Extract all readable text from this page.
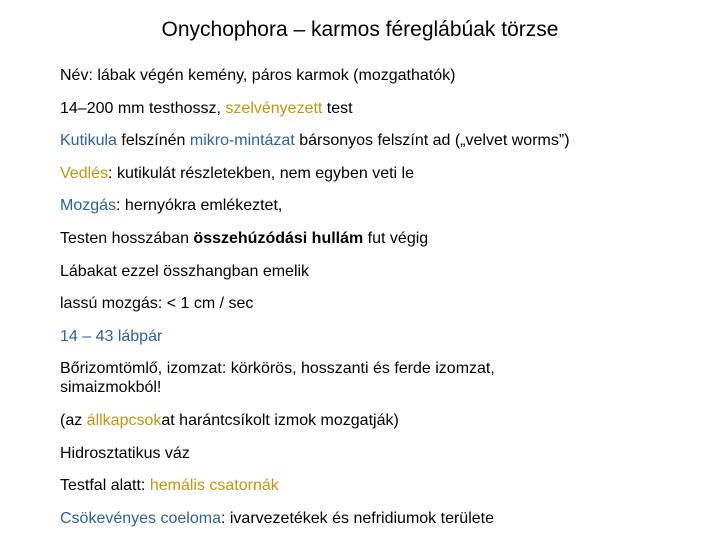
Onychophora – karmos féreglábúak törzse
Név: lábak végén kemény, páros karmok (mozgathatók)
14–200 mm testhossz, szelvényezett test
Kutikula felszínén mikro-mintázat bársonyos felszínt ad („velvet worms”)
Vedlés: kutikulát részletekben, nem egyben veti le
Mozgás: hernyókra emlékeztet,
Testen hosszában összehúzódási hullám fut végig
Lábakat ezzel összhangban emelik
lassú mozgás: < 1 cm / sec
14 – 43 lábpár
Bőrizomtömlő, izomzat: körkörös, hosszanti és ferde izomzat,
simaizmokból!
(az állkapcsokat harántcsíkolt izmok mozgatják)
Hidrosztatikus váz
Testfal alatt: hemális csatornák
Csökevényes coeloma: ivarvezetékek és nefridiumok területe
